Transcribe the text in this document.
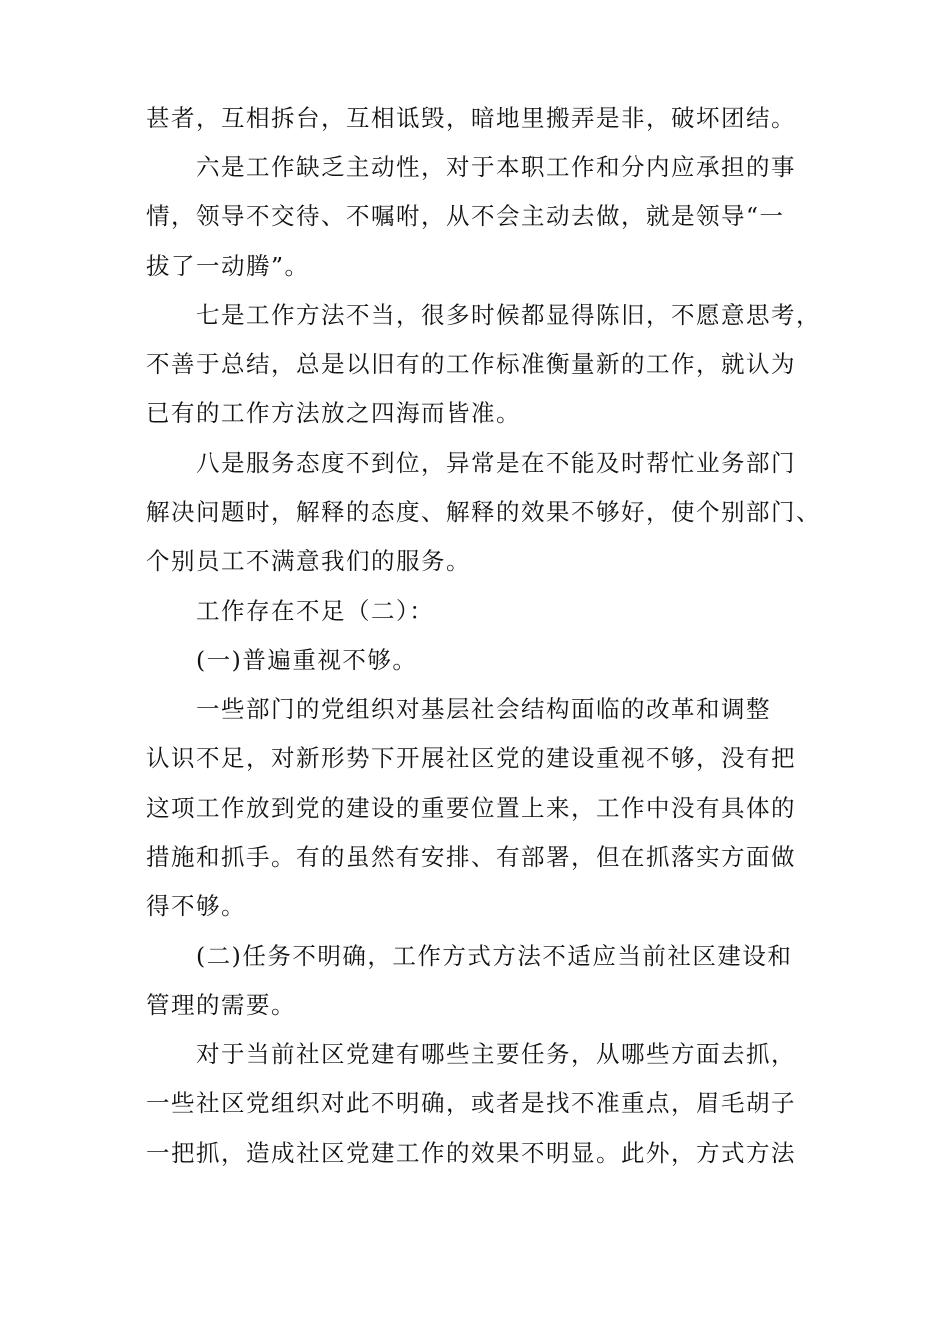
甚者，互相拆台，互相诋毁，暗地里搬弄是非，破坏团结。
六是工作缺乏主动性，对于本职工作和分内应承担的事
情，领导不交待、不嘱咐，从不会主动去做，就是领导“一
拔了一动腾”。
七是工作方法不当，很多时候都显得陈旧，不愿意思考，
不善于总结，总是以旧有的工作标准衡量新的工作，就认为
已有的工作方法放之四海而皆准。
八是服务态度不到位，异常是在不能及时帮忙业务部门
解决问题时，解释的态度、解释的效果不够好，使个别部门、
个别员工不满意我们的服务。
工作存在不足（二）：
(一)普遍重视不够。
一些部门的党组织对基层社会结构面临的改革和调整
认识不足，对新形势下开展社区党的建设重视不够，没有把
这项工作放到党的建设的重要位置上来，工作中没有具体的
措施和抓手。有的虽然有安排、有部署，但在抓落实方面做
得不够。
(二)任务不明确，工作方式方法不适应当前社区建设和
管理的需要。
对于当前社区党建有哪些主要任务，从哪些方面去抓，
一些社区党组织对此不明确，或者是找不准重点，眉毛胡子
一把抓，造成社区党建工作的效果不明显。此外，方式方法
